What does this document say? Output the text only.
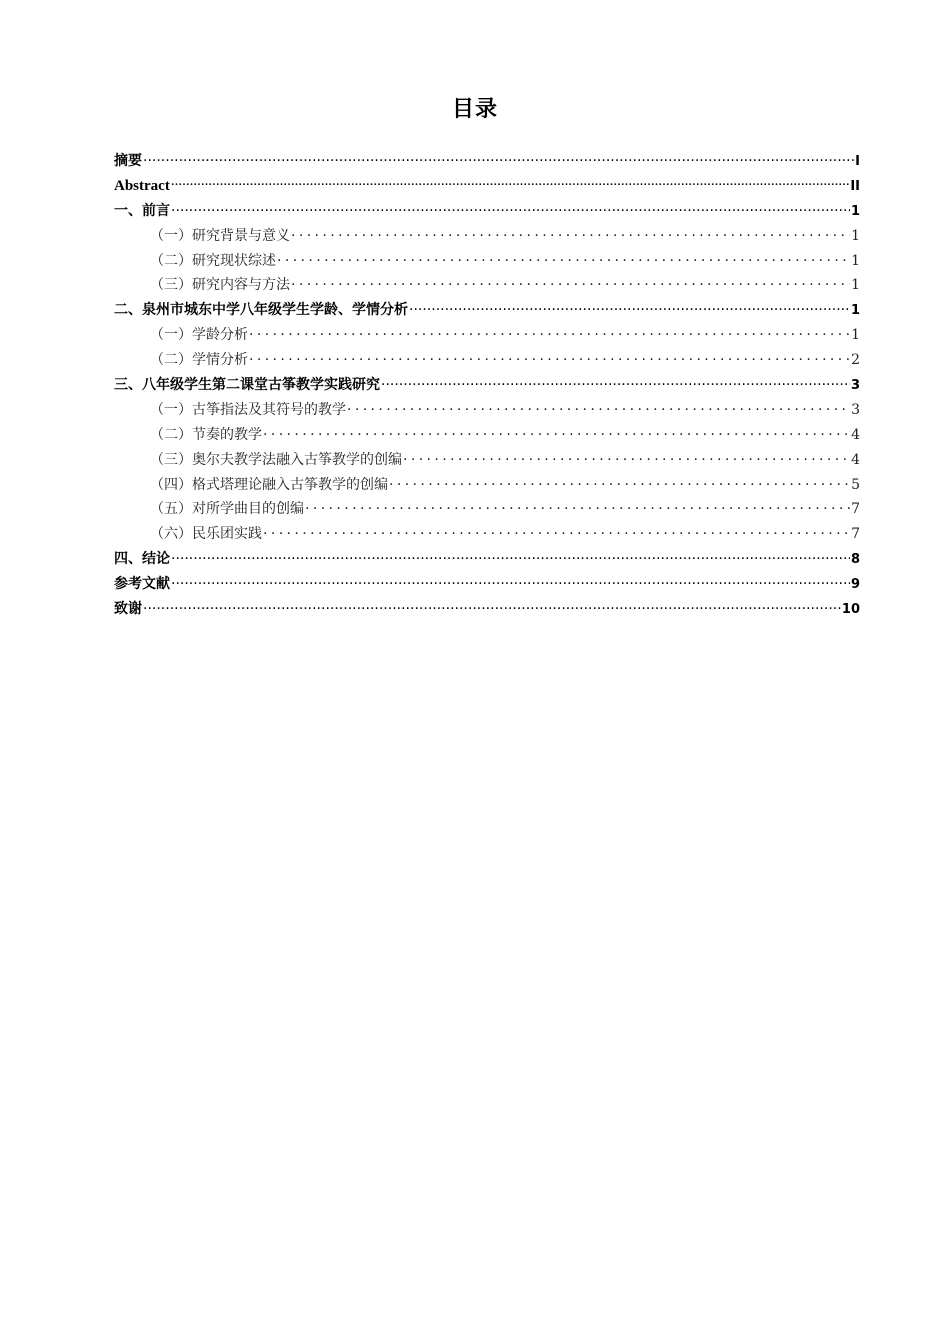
目录
摘要 .....	I
Abstract .....	II
一、前言 .....	1
（一）研究背景与意义 .....	1
（二）研究现状综述 .....	1
（三）研究内容与方法 .....	1
二、泉州市城东中学八年级学生学龄、学情分析 .....	1
（一）学龄分析 .....	1
（二）学情分析 .....	2
三、八年级学生第二课堂古筝教学实践研究 .....	3
（一）古筝指法及其符号的教学 .....	3
（二）节奏的教学 .....	4
（三）奥尔夫教学法融入古筝教学的创编 .....	4
（四）格式塔理论融入古筝教学的创编 .....	5
（五）对所学曲目的创编 .....	7
（六）民乐团实践 .....	7
四、结论 .....	8
参考文献 .....	9
致谢 .....	10
